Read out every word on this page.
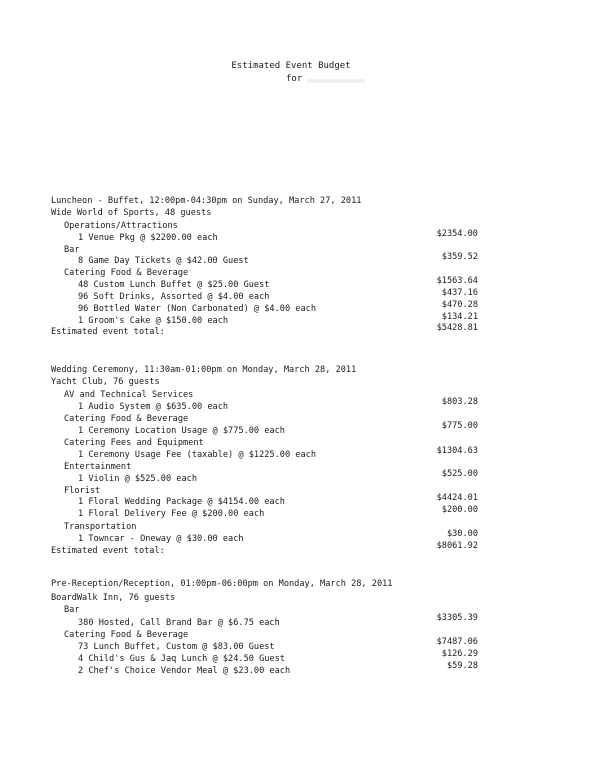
Estimated Event Budget
for
Luncheon - Buffet, 12:00pm-04:30pm on Sunday, March 27, 2011
Wide World of Sports, 48 guests
Operations/Attractions
1 Venue Pkg @ $2200.00 each	$2354.00
Bar
8 Game Day Tickets @ $42.00 Guest	$359.52
Catering Food & Beverage
48 Custom Lunch Buffet @ $25.00 Guest	$1563.64
96 Soft Drinks, Assorted @ $4.00 each	$437.16
96 Bottled Water (Non Carbonated) @ $4.00 each	$470.28
1 Groom's Cake @ $150.00 each	$134.21
Estimated event total:	$5428.81
Wedding Ceremony, 11:30am-01:00pm on Monday, March 28, 2011
Yacht Club, 76 guests
AV and Technical Services
1 Audio System @ $635.00 each	$803.28
Catering Food & Beverage
1 Ceremony Location Usage @ $775.00 each	$775.00
Catering Fees and Equipment
1 Ceremony Usage Fee (taxable) @ $1225.00 each	$1304.63
Entertainment
1 Violin @ $525.00 each	$525.00
Florist
1 Floral Wedding Package @ $4154.00 each	$4424.01
1 Floral Delivery Fee @ $200.00 each	$200.00
Transportation
1 Towncar - Oneway @ $30.00 each	$30.00
Estimated event total:	$8061.92
Pre-Reception/Reception, 01:00pm-06:00pm on Monday, March 28, 2011
BoardWalk Inn, 76 guests
Bar
380 Hosted, Call Brand Bar @ $6.75 each	$3305.39
Catering Food & Beverage
73 Lunch Buffet, Custom @ $83.00 Guest	$7487.06
4 Child's Gus & Jaq Lunch @ $24.50 Guest	$126.29
2 Chef's Choice Vendor Meal @ $23.00 each	$59.28
